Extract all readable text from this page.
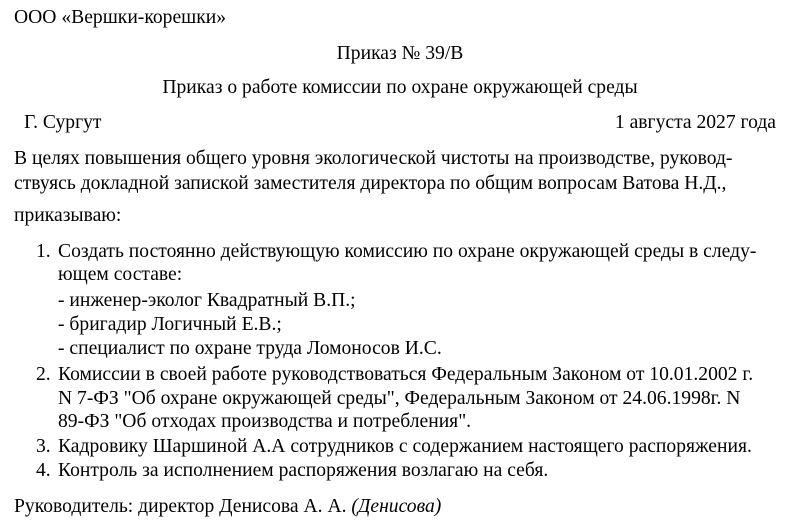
ООО «Вершки-корешки»
Приказ № 39/В
Приказ о работе комиссии по охране окружающей среды
Г. Сургут	1 августа 2027 года
В целях повышения общего уровня экологической чистоты на производстве, руковод-
ствуясь докладной запиской заместителя директора по общим вопросам Ватова Н.Д.,
приказываю:
1. Создать постоянно действующую комиссию по охране окружающей среды в следу-
ющем составе:
- инженер-эколог Квадратный В.П.;
- бригадир Логичный Е.В.;
- специалист по охране труда Ломоносов И.С.
2. Комиссии в своей работе руководствоваться Федеральным Законом от 10.01.2002 г.
N 7-ФЗ "Об охране окружающей среды", Федеральным Законом от 24.06.1998г. N
89-ФЗ "Об отходах производства и потребления".
3. Кадровику Шаршиной А.А сотрудников с содержанием настоящего распоряжения.
4. Контроль за исполнением распоряжения возлагаю на себя.
Руководитель: директор Денисова А. А. (Денисова)
